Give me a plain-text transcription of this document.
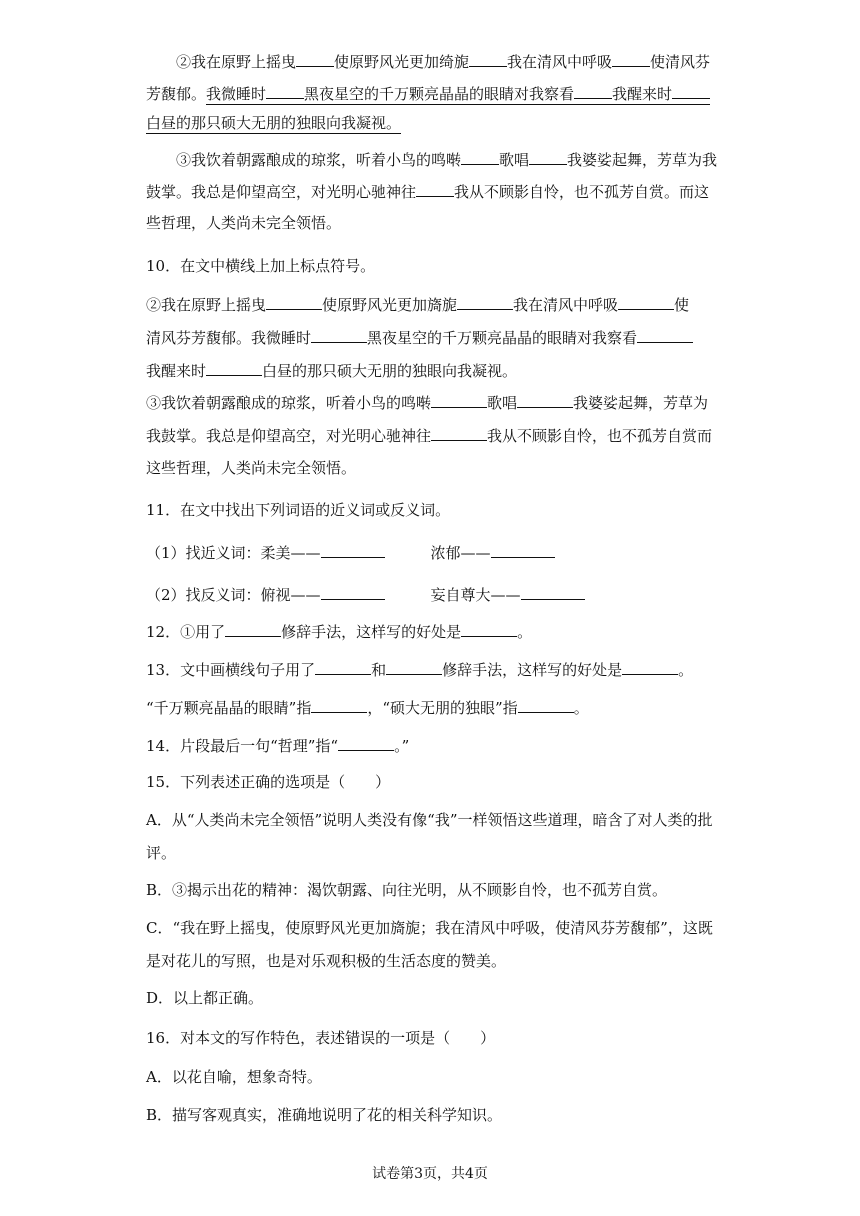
②我在原野上摇曳	使原野风光更加绮旎	我在清风中呼吸	使清风芬
芳馥郁。我微睡时	黑夜星空的千万颗亮晶晶的眼睛对我察看	我醒来时
白昼的那只硕大无朋的独眼向我凝视。
③我饮着朝露酿成的琼浆，听着小鸟的鸣啭	歌唱	我婆娑起舞，芳草为我
鼓掌。我总是仰望高空，对光明心驰神往	我从不顾影自怜，也不孤芳自赏。而这
些哲理，人类尚未完全领悟。
10．在文中横线上加上标点符号。
②我在原野上摇曳	使原野风光更加旖旎	我在清风中呼吸	使
清风芬芳馥郁。我微睡时	黑夜星空的千万颗亮晶晶的眼睛对我察看
我醒来时	白昼的那只硕大无朋的独眼向我凝视。
③我饮着朝露酿成的琼浆，听着小鸟的鸣啭	歌唱	我婆娑起舞，芳草为
我鼓掌。我总是仰望高空，对光明心驰神往	我从不顾影自怜，也不孤芳自赏而
这些哲理，人类尚未完全领悟。
11．在文中找出下列词语的近义词或反义词。
（1）找近义词：柔美——	浓郁——
（2）找反义词：俯视——	妄自尊大——
12．①用了	修辞手法，这样写的好处是	。
13．文中画横线句子用了	和	修辞手法，这样写的好处是	。
“千万颗亮晶晶的眼睛”指	，“硕大无朋的独眼”指	。
14．片段最后一句“哲理”指“	。”
15．下列表述正确的选项是（　　）
A．从“人类尚未完全领悟”说明人类没有像“我”一样领悟这些道理，暗含了对人类的批
评。
B．③揭示出花的精神：渴饮朝露、向往光明，从不顾影自怜，也不孤芳自赏。
C．“我在野上摇曳，使原野风光更加旖旎；我在清风中呼吸，使清风芬芳馥郁”，这既
是对花儿的写照，也是对乐观积极的生活态度的赞美。
D．以上都正确。
16．对本文的写作特色，表述错误的一项是（　　）
A．以花自喻，想象奇特。
B．描写客观真实，准确地说明了花的相关科学知识。
试卷第3页，共4页
